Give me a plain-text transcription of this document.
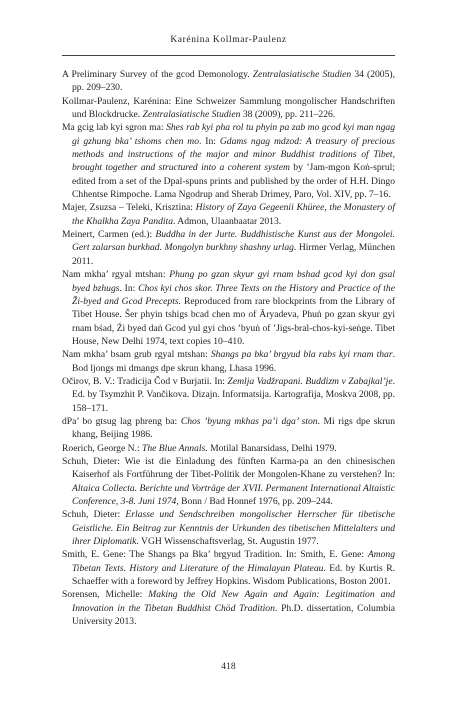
Karénina Kollmar-Paulenz

A Preliminary Survey of the gcod Demonology. Zentralasiatische Studien 34 (2005), pp. 209–230.

Kollmar-Paulenz, Karénina: Eine Schweizer Sammlung mongolischer Handschriften und Blockdrucke. Zentralasiatische Studien 38 (2009), pp. 211–226.

Ma gcig lab kyi sgron ma: Shes rab kyi pha rol tu phyin pa zab mo gcod kyi man ngag gi gzhung bka’ tshoms chen mo. In: Gdams ngag mdzod: A treasury of precious methods and instructions of the major and minor Buddhist traditions of Tibet, brought together and structured into a coherent system by ’Jam-mgon Koṅ-sprul; edited from a set of the Dpal-spuns prints and published by the order of H.H. Dingo Chhentse Rimpoche. Lama Ngodrup and Sherab Drimey, Paro, Vol. XIV, pp. 7–16.

Majer, Zsuzsa – Teleki, Krisztina: History of Zaya Gegeenii Khüree, the Monastery of the Khalkha Zaya Pandita. Admon, Ulaanbaatar 2013.

Meinert, Carmen (ed.): Buddha in der Jurte. Buddhistische Kunst aus der Mongolei. Gert zalarsan burkhad. Mongolyn burkhny shashny urlag. Hirmer Verlag, München 2011.

Nam mkha’ rgyal mtshan: Phung po gzan skyur gyi rnam bshad gcod kyi don gsal byed bzhugs. In: Chos kyi chos skor. Three Texts on the History and Practice of the Ži-byed and Gcod Precepts. Reproduced from rare blockprints from the Library of Tibet House. Šer phyin tshigs bcad chen mo of Āryadeva, Phuṅ po gzan skyur gyi rnam bśad, Źi byed daṅ Gcod yul gyi chos ’byuṅ of ’Jigs-bral-chos-kyi-seṅge. Tibet House, New Delhi 1974, text copies 10–410.

Nam mkha’ bsam grub rgyal mtshan: Shangs pa bka’ brgyud bla rabs kyi rnam thar. Bod ljongs mi dmangs dpe skrun khang, Lhasa 1996.

Očirov, B. V.: Tradicija Čod v Burjatii. In: Zemlja Vadžrapani. Buddizm v Zabajkal’je. Ed. by Tsymzhit P. Vančikova. Dizajn. Informatsija. Kartografija, Moskva 2008, pp. 158–171.

dPa’ bo gtsug lag phreng ba: Chos ’byung mkhas pa’i dga’ ston. Mi rigs dpe skrun khang, Beijing 1986.

Roerich, George N.: The Blue Annals. Motilal Banarsidass, Delhi 1979.

Schuh, Dieter: Wie ist die Einladung des fünften Karma-pa an den chinesischen Kaiserhof als Fortführung der Tibet-Politik der Mongolen-Khane zu verstehen? In: Altaica Collecta. Berichte und Vorträge der XVII. Permanent International Altaistic Conference, 3-8. Juni 1974, Bonn / Bad Honnef 1976, pp. 209–244.

Schuh, Dieter: Erlasse und Sendschreiben mongolischer Herrscher für tibetische Geistliche. Ein Beitrag zur Kenntnis der Urkunden des tibetischen Mittelalters und ihrer Diplomatik. VGH Wissenschaftsverlag, St. Augustin 1977.

Smith, E. Gene: The Shangs pa Bka’ brgyud Tradition. In: Smith, E. Gene: Among Tibetan Texts. History and Literature of the Himalayan Plateau. Ed. by Kurtis R. Schaeffer with a foreword by Jeffrey Hopkins. Wisdom Publications, Boston 2001.

Sorensen, Michelle: Making the Old New Again and Again: Legitimation and Innovation in the Tibetan Buddhist Chöd Tradition. Ph.D. dissertation, Columbia University 2013.

418
